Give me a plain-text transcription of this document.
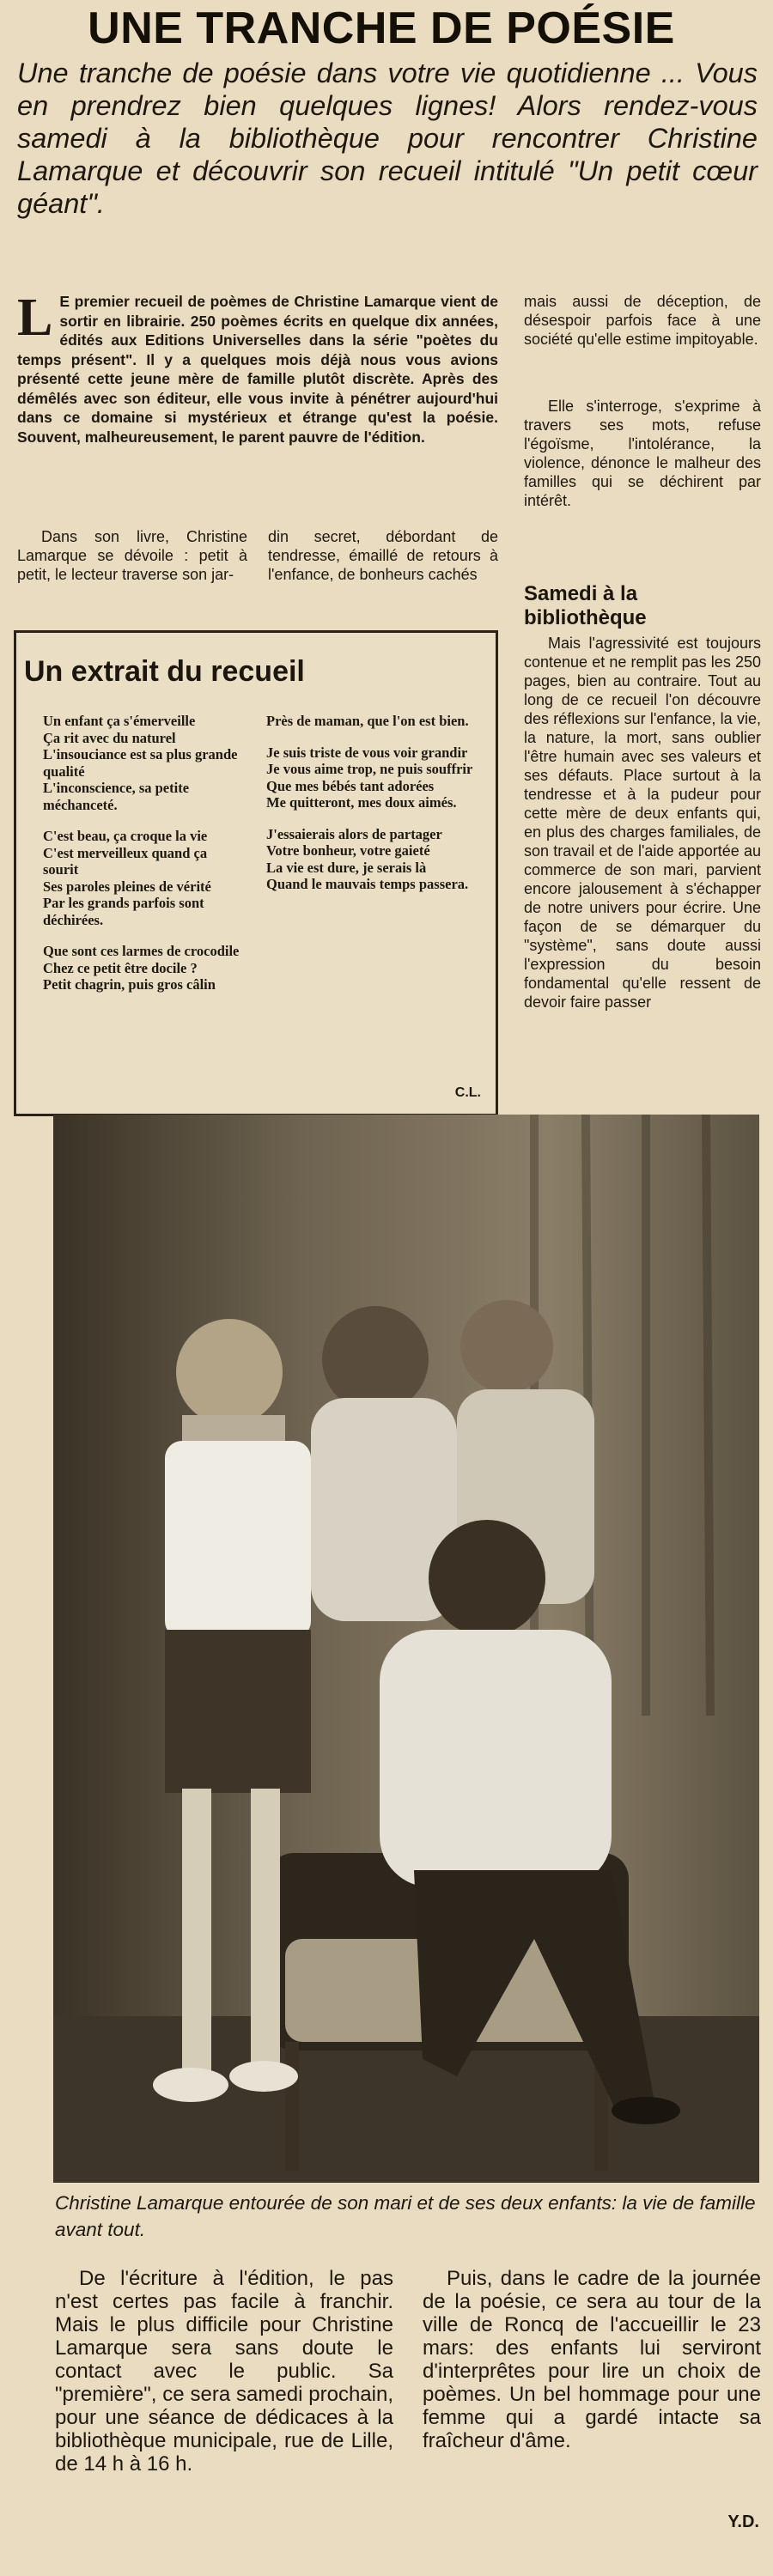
UNE TRANCHE DE POÉSIE
Une tranche de poésie dans votre vie quotidienne ... Vous en prendrez bien quelques lignes! Alors rendez-vous samedi à la bibliothèque pour rencontrer Christine Lamarque et découvrir son recueil intitulé "Un petit cœur géant".
L E premier recueil de poèmes de Christine Lamarque vient de sortir en librairie. 250 poèmes écrits en quelque dix années, édités aux Editions Universelles dans la série "poètes du temps présent". Il y a quelques mois déjà nous vous avions présenté cette jeune mère de famille plutôt discrète. Après des démêlés avec son éditeur, elle vous invite à pénétrer aujourd'hui dans ce domaine si mystérieux et étrange qu'est la poésie. Souvent, malheureusement, le parent pauvre de l'édition.
Dans son livre, Christine Lamarque se dévoile : petit à petit, le lecteur traverse son jar-
din secret, débordant de tendresse, émaillé de retours à l'enfance, de bonheurs cachés
mais aussi de déception, de désespoir parfois face à une société qu'elle estime impitoyable.
Elle s'interroge, s'exprime à travers ses mots, refuse l'égoïsme, l'intolérance, la violence, dénonce le malheur des familles qui se déchirent par intérêt.
Samedi à la bibliothèque
Mais l'agressivité est toujours contenue et ne remplit pas les 250 pages, bien au contraire. Tout au long de ce recueil l'on découvre des réflexions sur l'enfance, la vie, la nature, la mort, sans oublier l'être humain avec ses valeurs et ses défauts. Place surtout à la tendresse et à la pudeur pour cette mère de deux enfants qui, en plus des charges familiales, de son travail et de l'aide apportée au commerce de son mari, parvient encore jalousement à s'échapper de notre univers pour écrire. Une façon de se démarquer du "système", sans doute aussi l'expression du besoin fondamental qu'elle ressent de devoir faire passer
Un extrait du recueil
Un enfant ça s'émerveille
Ça rit avec du naturel
L'insouciance est sa plus grande qualité
L'inconscience, sa petite méchanceté.
C'est beau, ça croque la vie
C'est merveilleux quand ça sourit
Ses paroles pleines de vérité
Par les grands parfois sont déchirées.
Que sont ces larmes de crocodile
Chez ce petit être docile ?
Petit chagrin, puis gros câlin
Près de maman, que l'on est bien.
Je suis triste de vous voir grandir
Je vous aime trop, ne puis souffrir
Que mes bébés tant adorées
Me quitteront, mes doux aimés.
J'essaierais alors de partager
Votre bonheur, votre gaieté
La vie est dure, je serais là
Quand le mauvais temps passera.
C.L.
Christine Lamarque entourée de son mari et de ses deux enfants: la vie de famille avant tout.
De l'écriture à l'édition, le pas n'est certes pas facile à franchir. Mais le plus difficile pour Christine Lamarque sera sans doute le contact avec le public. Sa "première", ce sera samedi prochain, pour une séance de dédicaces à la bibliothèque municipale, rue de Lille, de 14 h à 16 h.
Puis, dans le cadre de la journée de la poésie, ce sera au tour de la ville de Roncq de l'accueillir le 23 mars: des enfants lui serviront d'interprêtes pour lire un choix de poèmes. Un bel hommage pour une femme qui a gardé intacte sa fraîcheur d'âme.
Y.D.
